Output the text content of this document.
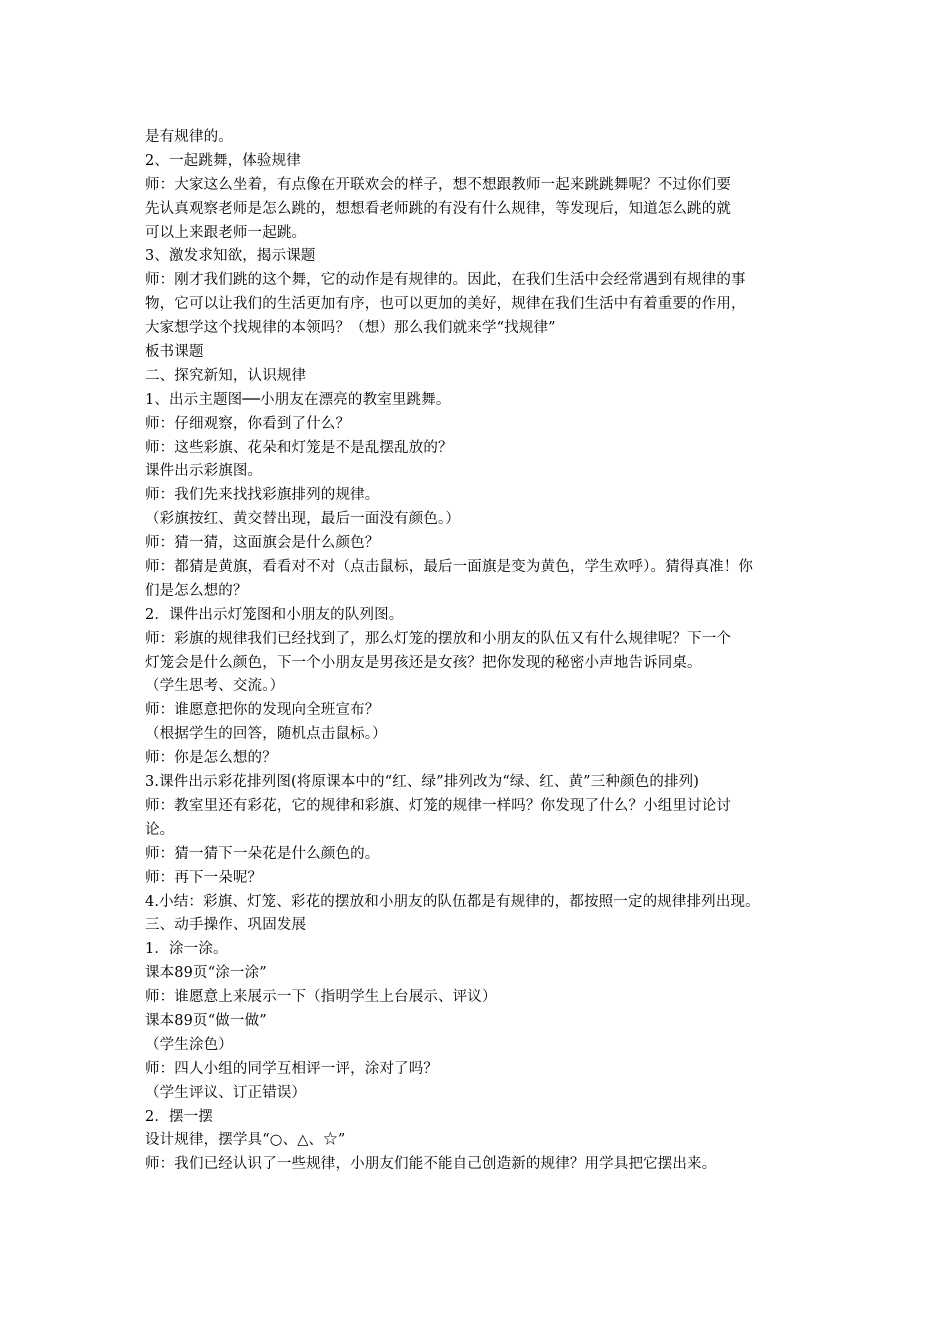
是有规律的。
2、一起跳舞，体验规律
师：大家这么坐着，有点像在开联欢会的样子，想不想跟教师一起来跳跳舞呢？不过你们要
先认真观察老师是怎么跳的，想想看老师跳的有没有什么规律，等发现后，知道怎么跳的就
可以上来跟老师一起跳。
3、激发求知欲，揭示课题
师：刚才我们跳的这个舞，它的动作是有规律的。因此，在我们生活中会经常遇到有规律的事
物，它可以让我们的生活更加有序，也可以更加的美好，规律在我们生活中有着重要的作用，
大家想学这个找规律的本领吗？（想）那么我们就来学“找规律”
板书课题
二、探究新知，认识规律
1、出示主题图──小朋友在漂亮的教室里跳舞。
师：仔细观察，你看到了什么？
师：这些彩旗、花朵和灯笼是不是乱摆乱放的？
课件出示彩旗图。
师：我们先来找找彩旗排列的规律。
（彩旗按红、黄交替出现，最后一面没有颜色。）
师：猜一猜，这面旗会是什么颜色？
师：都猜是黄旗，看看对不对（点击鼠标，最后一面旗是变为黄色，学生欢呼）。猜得真准！你
们是怎么想的？
2．课件出示灯笼图和小朋友的队列图。
师：彩旗的规律我们已经找到了，那么灯笼的摆放和小朋友的队伍又有什么规律呢？下一个
灯笼会是什么颜色，下一个小朋友是男孩还是女孩？把你发现的秘密小声地告诉同桌。
（学生思考、交流。）
师：谁愿意把你的发现向全班宣布？
（根据学生的回答，随机点击鼠标。）
师：你是怎么想的？
3.课件出示彩花排列图(将原课本中的“红、绿”排列改为“绿、红、黄”三种颜色的排列)
师：教室里还有彩花，它的规律和彩旗、灯笼的规律一样吗？你发现了什么？小组里讨论讨
论。
师：猜一猜下一朵花是什么颜色的。
师：再下一朵呢？
4.小结：彩旗、灯笼、彩花的摆放和小朋友的队伍都是有规律的，都按照一定的规律排列出现。
三、动手操作、巩固发展
1．涂一涂。
课本89页“涂一涂”
师：谁愿意上来展示一下（指明学生上台展示、评议）
课本89页“做一做”
（学生涂色）
师：四人小组的同学互相评一评，涂对了吗？
（学生评议、订正错误）
2．摆一摆
设计规律，摆学具“○、△、☆”
师：我们已经认识了一些规律，小朋友们能不能自己创造新的规律？用学具把它摆出来。
